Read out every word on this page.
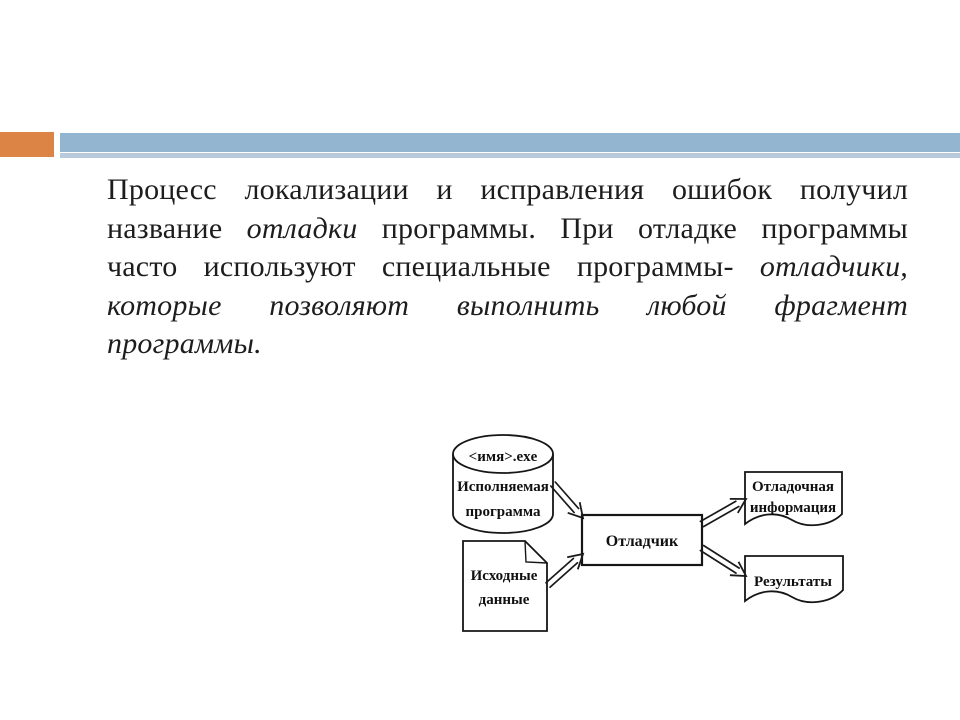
Процесс локализации и исправления ошибок получил
название отладки программы. При отладке программы
часто используют специальные программы- отладчики,
которые позволяют выполнить любой фрагмент
программы.
<имя>.exe
Исполняемая
программа
Исходные
данные
Отладчик
Отладочная
информация
Результаты
